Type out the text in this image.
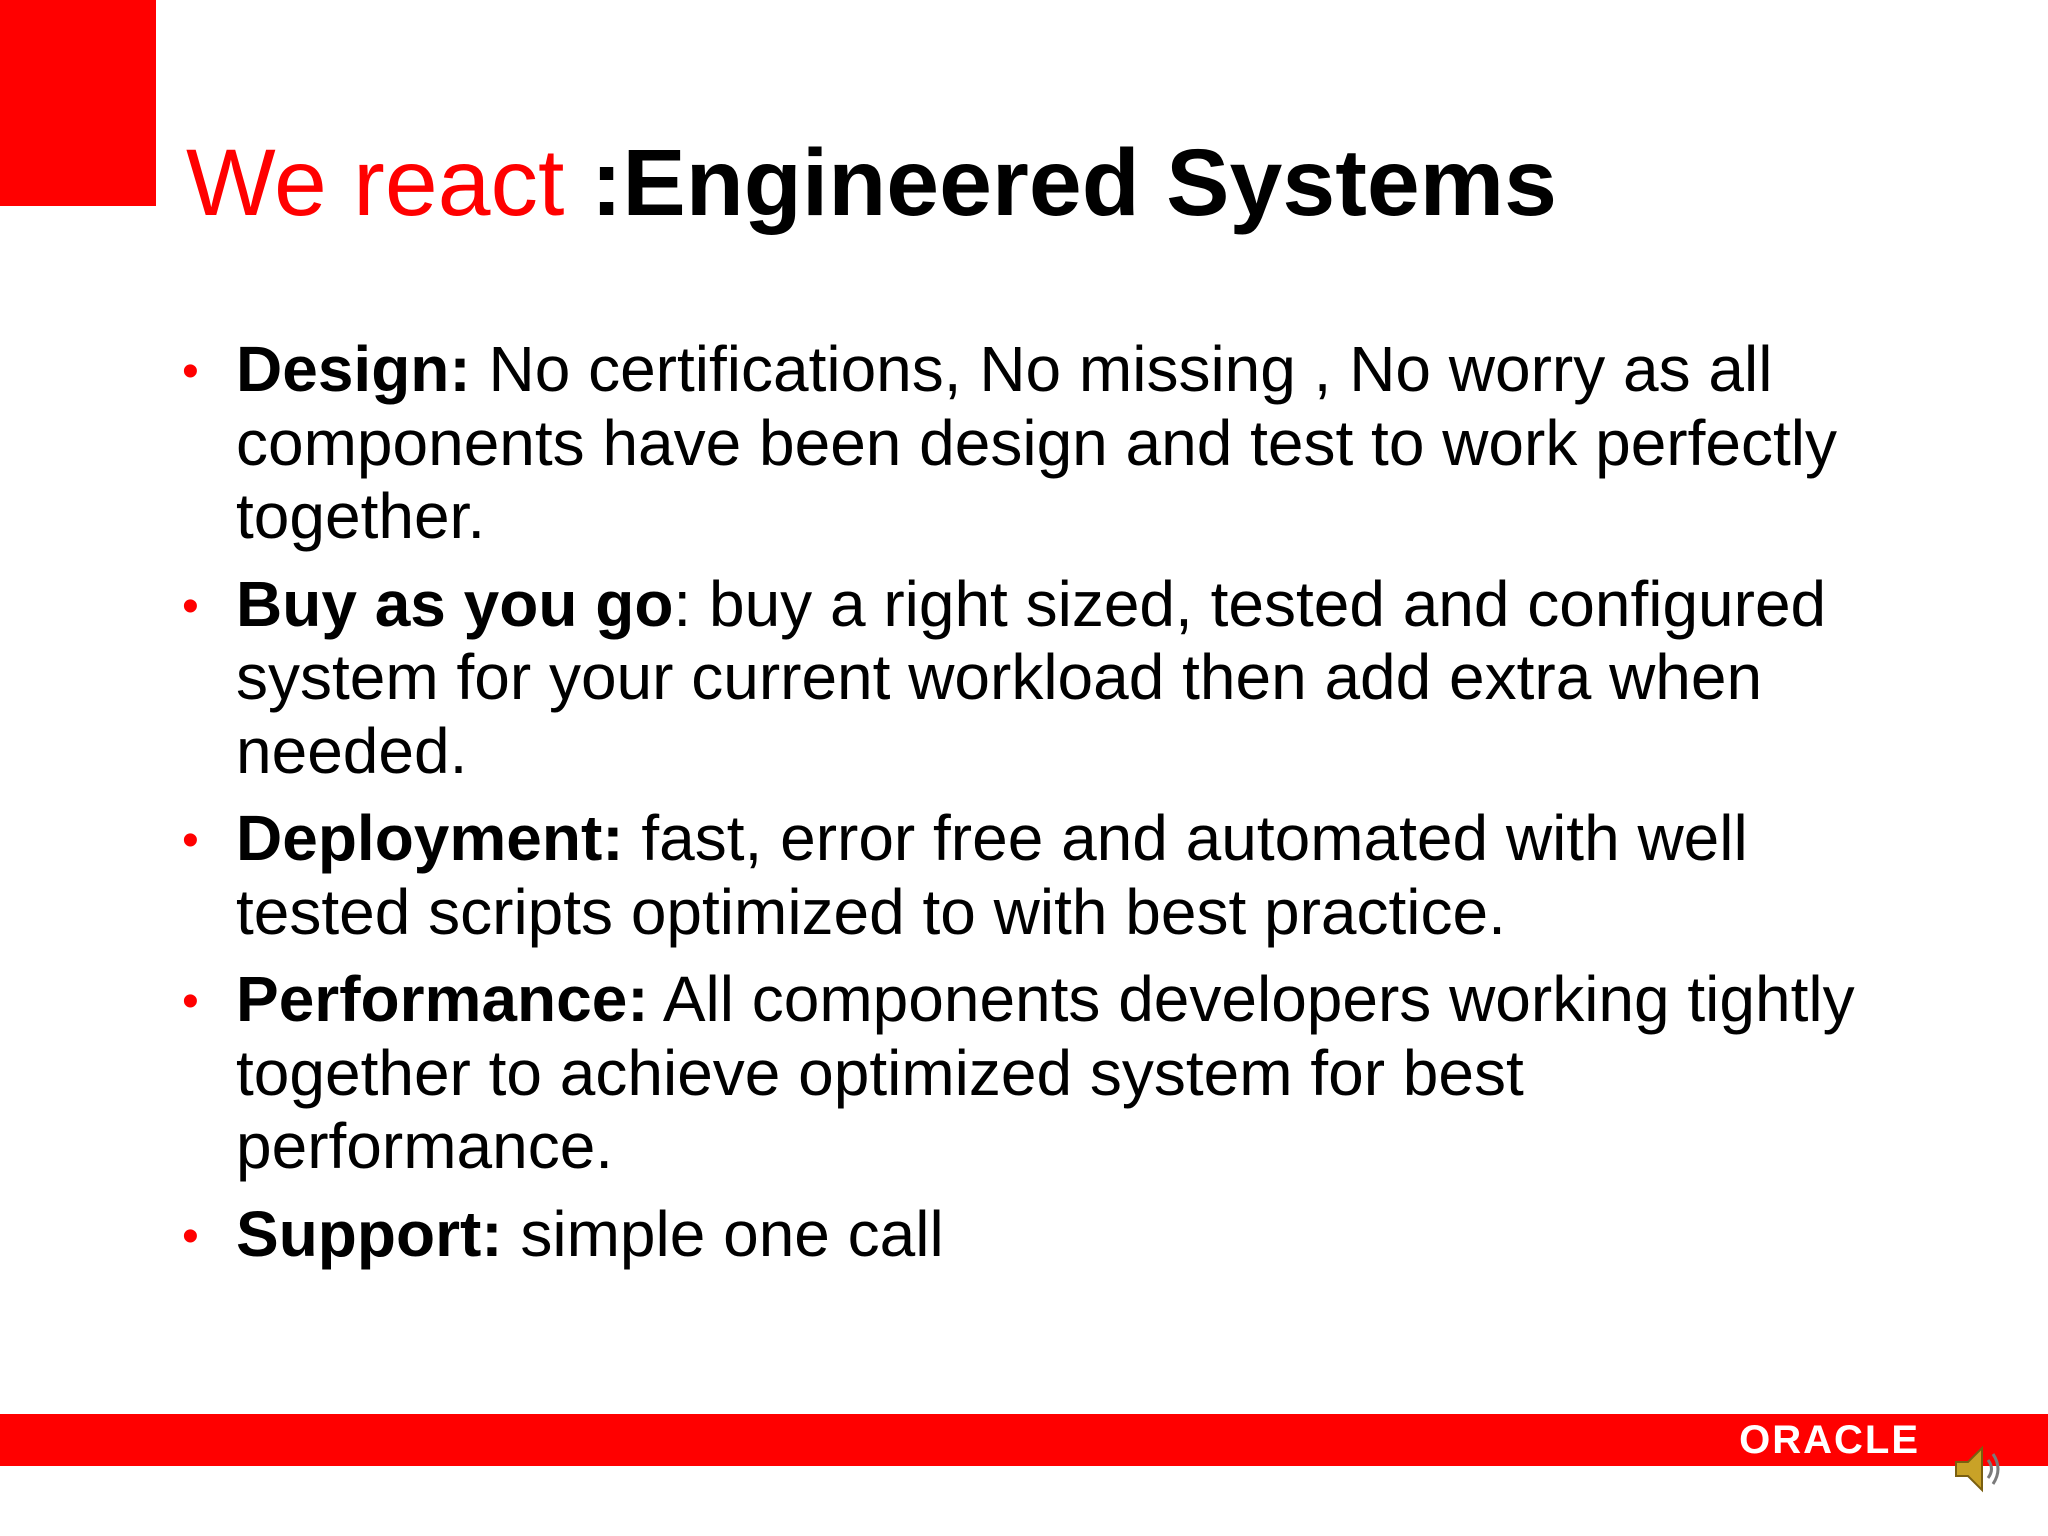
We react :Engineered Systems
• Design: No certifications, No missing , No worry as all components have been design and test to work perfectly together.
• Buy as you go: buy a right sized, tested and configured system for your current workload then add extra when needed.
• Deployment: fast, error free and automated with well tested scripts optimized to with best practice.
• Performance: All components developers working tightly together to achieve optimized system for best performance.
• Support: simple one call
ORACLE
